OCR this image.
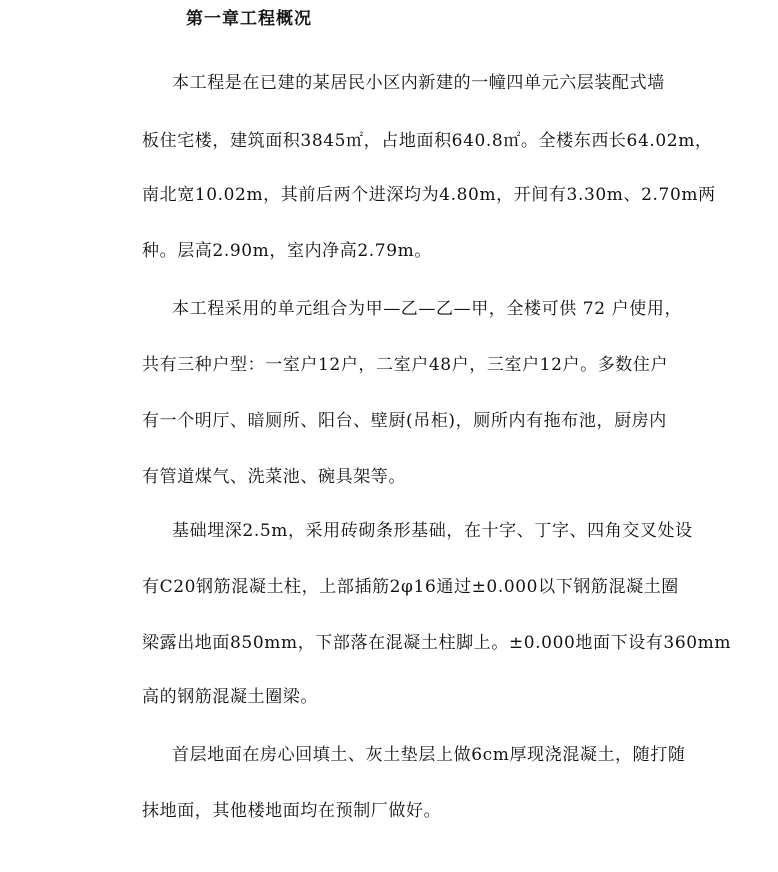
第一章工程概况
本工程是在已建的某居民小区内新建的一幢四单元六层装配式墙
板住宅楼，建筑面积3845㎡，占地面积640.8㎡。全楼东西长64.02m，
南北宽10.02m，其前后两个进深均为4.80m，开间有3.30m、2.70m两
种。层高2.90m，室内净高2.79m。
本工程采用的单元组合为甲—乙—乙—甲，全楼可供 72 户使用，
共有三种户型：一室户12户，二室户48户，三室户12户。多数住户
有一个明厅、暗厕所、阳台、壁厨(吊柜)，厕所内有拖布池，厨房内
有管道煤气、洗菜池、碗具架等。
基础埋深2.5m，采用砖砌条形基础，在十字、丁字、四角交叉处设
有C20钢筋混凝土柱，上部插筋2φ16通过±0.000以下钢筋混凝土圈
梁露出地面850mm，下部落在混凝土柱脚上。±0.000地面下设有360mm
高的钢筋混凝土圈梁。
首层地面在房心回填土、灰土垫层上做6cm厚现浇混凝土，随打随
抹地面，其他楼地面均在预制厂做好。
